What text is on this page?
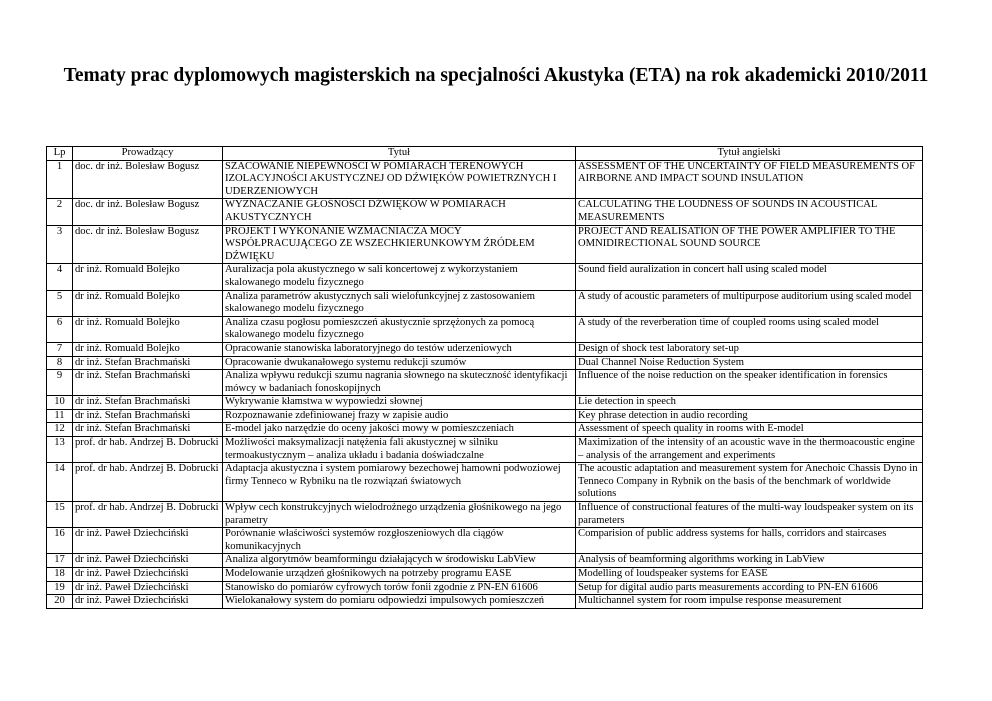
Tematy prac dyplomowych magisterskich na specjalności Akustyka (ETA) na rok akademicki 2010/2011
Lp	Prowadzący	Tytuł	Tytuł angielski
1	doc. dr inż. Bolesław Bogusz	SZACOWANIE NIEPEWNOŚCI W POMIARACH TERENOWYCH IZOLACYJNOŚCI AKUSTYCZNEJ OD DŹWIĘKÓW POWIETRZNYCH I UDERZENIOWYCH	ASSESSMENT OF THE UNCERTAINTY OF FIELD MEASUREMENTS OF AIRBORNE AND IMPACT SOUND INSULATION
2	doc. dr inż. Bolesław Bogusz	WYZNACZANIE GŁOŚNOŚCI DŹWIĘKÓW W POMIARACH AKUSTYCZNYCH	CALCULATING THE LOUDNESS OF SOUNDS IN ACOUSTICAL MEASUREMENTS
3	doc. dr inż. Bolesław Bogusz	PROJEKT I WYKONANIE WZMACNIACZA MOCY WSPÓŁPRACUJĄCEGO ZE WSZECHKIERUNKOWYM ŹRÓDŁEM DŹWIĘKU	PROJECT AND REALISATION OF THE POWER AMPLIFIER TO THE OMNIDIRECTIONAL SOUND SOURCE
4	dr inż. Romuald Bolejko	Auralizacja pola akustycznego w sali koncertowej z wykorzystaniem skalowanego modelu fizycznego	Sound field auralization in concert hall using scaled model
5	dr inż. Romuald Bolejko	Analiza parametrów akustycznych sali wielofunkcyjnej z zastosowaniem skalowanego modelu fizycznego	A study of acoustic parameters of multipurpose auditorium using scaled model
6	dr inż. Romuald Bolejko	Analiza czasu pogłosu pomieszczeń akustycznie sprzężonych za pomocą skalowanego modelu fizycznego	A study of the reverberation time of coupled rooms using scaled model
7	dr inż. Romuald Bolejko	Opracowanie stanowiska laboratoryjnego do testów uderzeniowych	Design of shock test laboratory set-up
8	dr inż. Stefan Brachmański	Opracowanie dwukanałowego systemu redukcji szumów	Dual Channel Noise Reduction System
9	dr inż. Stefan Brachmański	Analiza wpływu redukcji szumu nagrania słownego na skuteczność identyfikacji mówcy w badaniach fonoskopijnych	Influence of the noise reduction on the speaker identification in forensics
10	dr inż. Stefan Brachmański	Wykrywanie kłamstwa w wypowiedzi słownej	Lie detection in speech
11	dr inż. Stefan Brachmański	Rozpoznawanie zdefiniowanej frazy w zapisie audio	Key phrase detection in audio recording
12	dr inż. Stefan Brachmański	E-model jako narzędzie do oceny jakości mowy w pomieszczeniach	Assessment of speech quality in rooms with E-model
13	prof. dr hab. Andrzej B. Dobrucki	Możliwości maksymalizacji natężenia fali akustycznej w silniku termoakustycznym – analiza układu i badania doświadczalne	Maximization of the intensity of an acoustic wave in the thermoacoustic engine – analysis of the arrangement and experiments
14	prof. dr hab. Andrzej B. Dobrucki	Adaptacja akustyczna i system pomiarowy bezechowej hamowni podwoziowej firmy Tenneco w Rybniku na tle rozwiązań światowych	The acoustic adaptation and measurement system for Anechoic Chassis Dyno in Tenneco Company in Rybnik on the basis of the benchmark of worldwide solutions
15	prof. dr hab. Andrzej B. Dobrucki	Wpływ cech konstrukcyjnych wielodrożnego urządzenia głośnikowego na jego parametry	Influence of constructional features of the multi-way loudspeaker system on its parameters
16	dr inż. Paweł Dziechciński	Porównanie właściwości systemów rozgłoszeniowych dla ciągów komunikacyjnych	Comparision of public address systems for halls, corridors and staircases
17	dr inż. Paweł Dziechciński	Analiza algorytmów beamformingu działających w środowisku LabView	Analysis of beamforming algorithms working in LabView
18	dr inż. Paweł Dziechciński	Modelowanie urządzeń głośnikowych na potrzeby programu EASE	Modelling of loudspeaker systems for EASE
19	dr inż. Paweł Dziechciński	Stanowisko do pomiarów cyfrowych torów fonii zgodnie z PN-EN 61606	Setup for digital audio parts measurements according to PN-EN 61606
20	dr inż. Paweł Dziechciński	Wielokanałowy system do pomiaru odpowiedzi impulsowych pomieszczeń	Multichannel system for room impulse response measurement
